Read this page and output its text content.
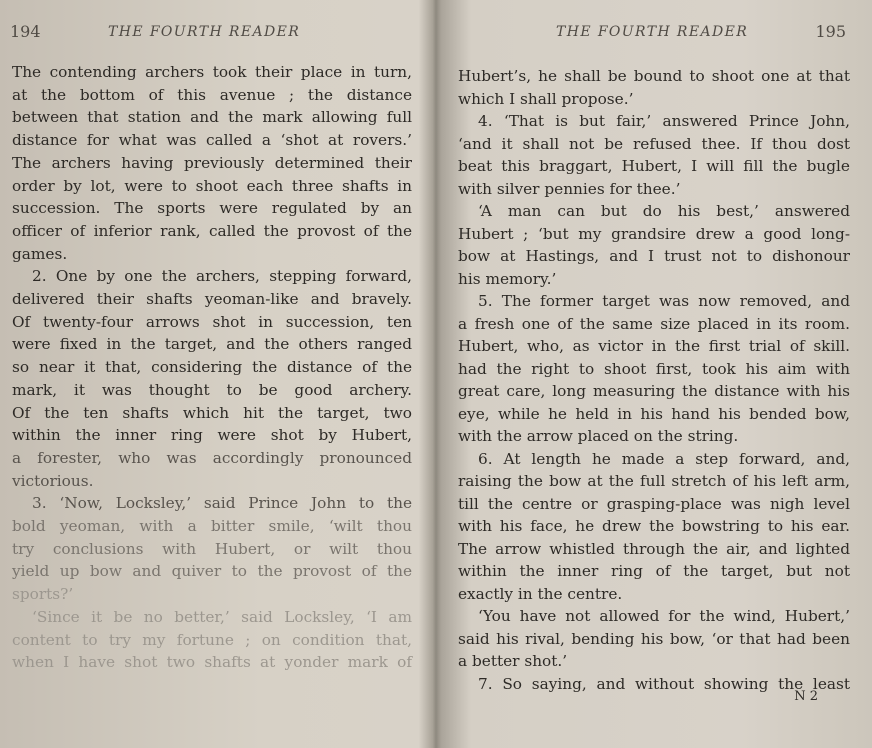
194	THE FOURTH READER
The contending archers took their place in turn,
at the bottom of this avenue ; the distance
between that station and the mark allowing full
distance for what was called a ‘shot at rovers.’
The archers having previously determined their
order by lot, were to shoot each three shafts in
succession. The sports were regulated by an
officer of inferior rank, called the provost of the
games.
2. One by one the archers, stepping forward,
delivered their shafts yeoman-like and bravely.
Of twenty-four arrows shot in succession, ten
were fixed in the target, and the others ranged
so near it that, considering the distance of the
mark, it was thought to be good archery.
Of the ten shafts which hit the target, two
within the inner ring were shot by Hubert,
a forester, who was accordingly pronounced
victorious.
3. ‘Now, Locksley,’ said Prince John to the
bold yeoman, with a bitter smile, ‘wilt thou
try conclusions with Hubert, or wilt thou
yield up bow and quiver to the provost of the
sports?’
‘Since it be no better,’ said Locksley, ‘I am
content to try my fortune ; on condition that,
when I have shot two shafts at yonder mark of
THE FOURTH READER	195
Hubert’s, he shall be bound to shoot one at that
which I shall propose.’
4. ‘That is but fair,’ answered Prince John,
‘and it shall not be refused thee. If thou dost
beat this braggart, Hubert, I will fill the bugle
with silver pennies for thee.’
‘A man can but do his best,’ answered
Hubert ; ‘but my grandsire drew a good long-
bow at Hastings, and I trust not to dishonour
his memory.’
5. The former target was now removed, and
a fresh one of the same size placed in its room.
Hubert, who, as victor in the first trial of skill.
had the right to shoot first, took his aim with
great care, long measuring the distance with his
eye, while he held in his hand his bended bow,
with the arrow placed on the string.
6. At length he made a step forward, and,
raising the bow at the full stretch of his left arm,
till the centre or grasping-place was nigh level
with his face, he drew the bowstring to his ear.
The arrow whistled through the air, and lighted
within the inner ring of the target, but not
exactly in the centre.
‘You have not allowed for the wind, Hubert,’
said his rival, bending his bow, ‘or that had been
a better shot.’
7. So saying, and without showing the least
N 2
